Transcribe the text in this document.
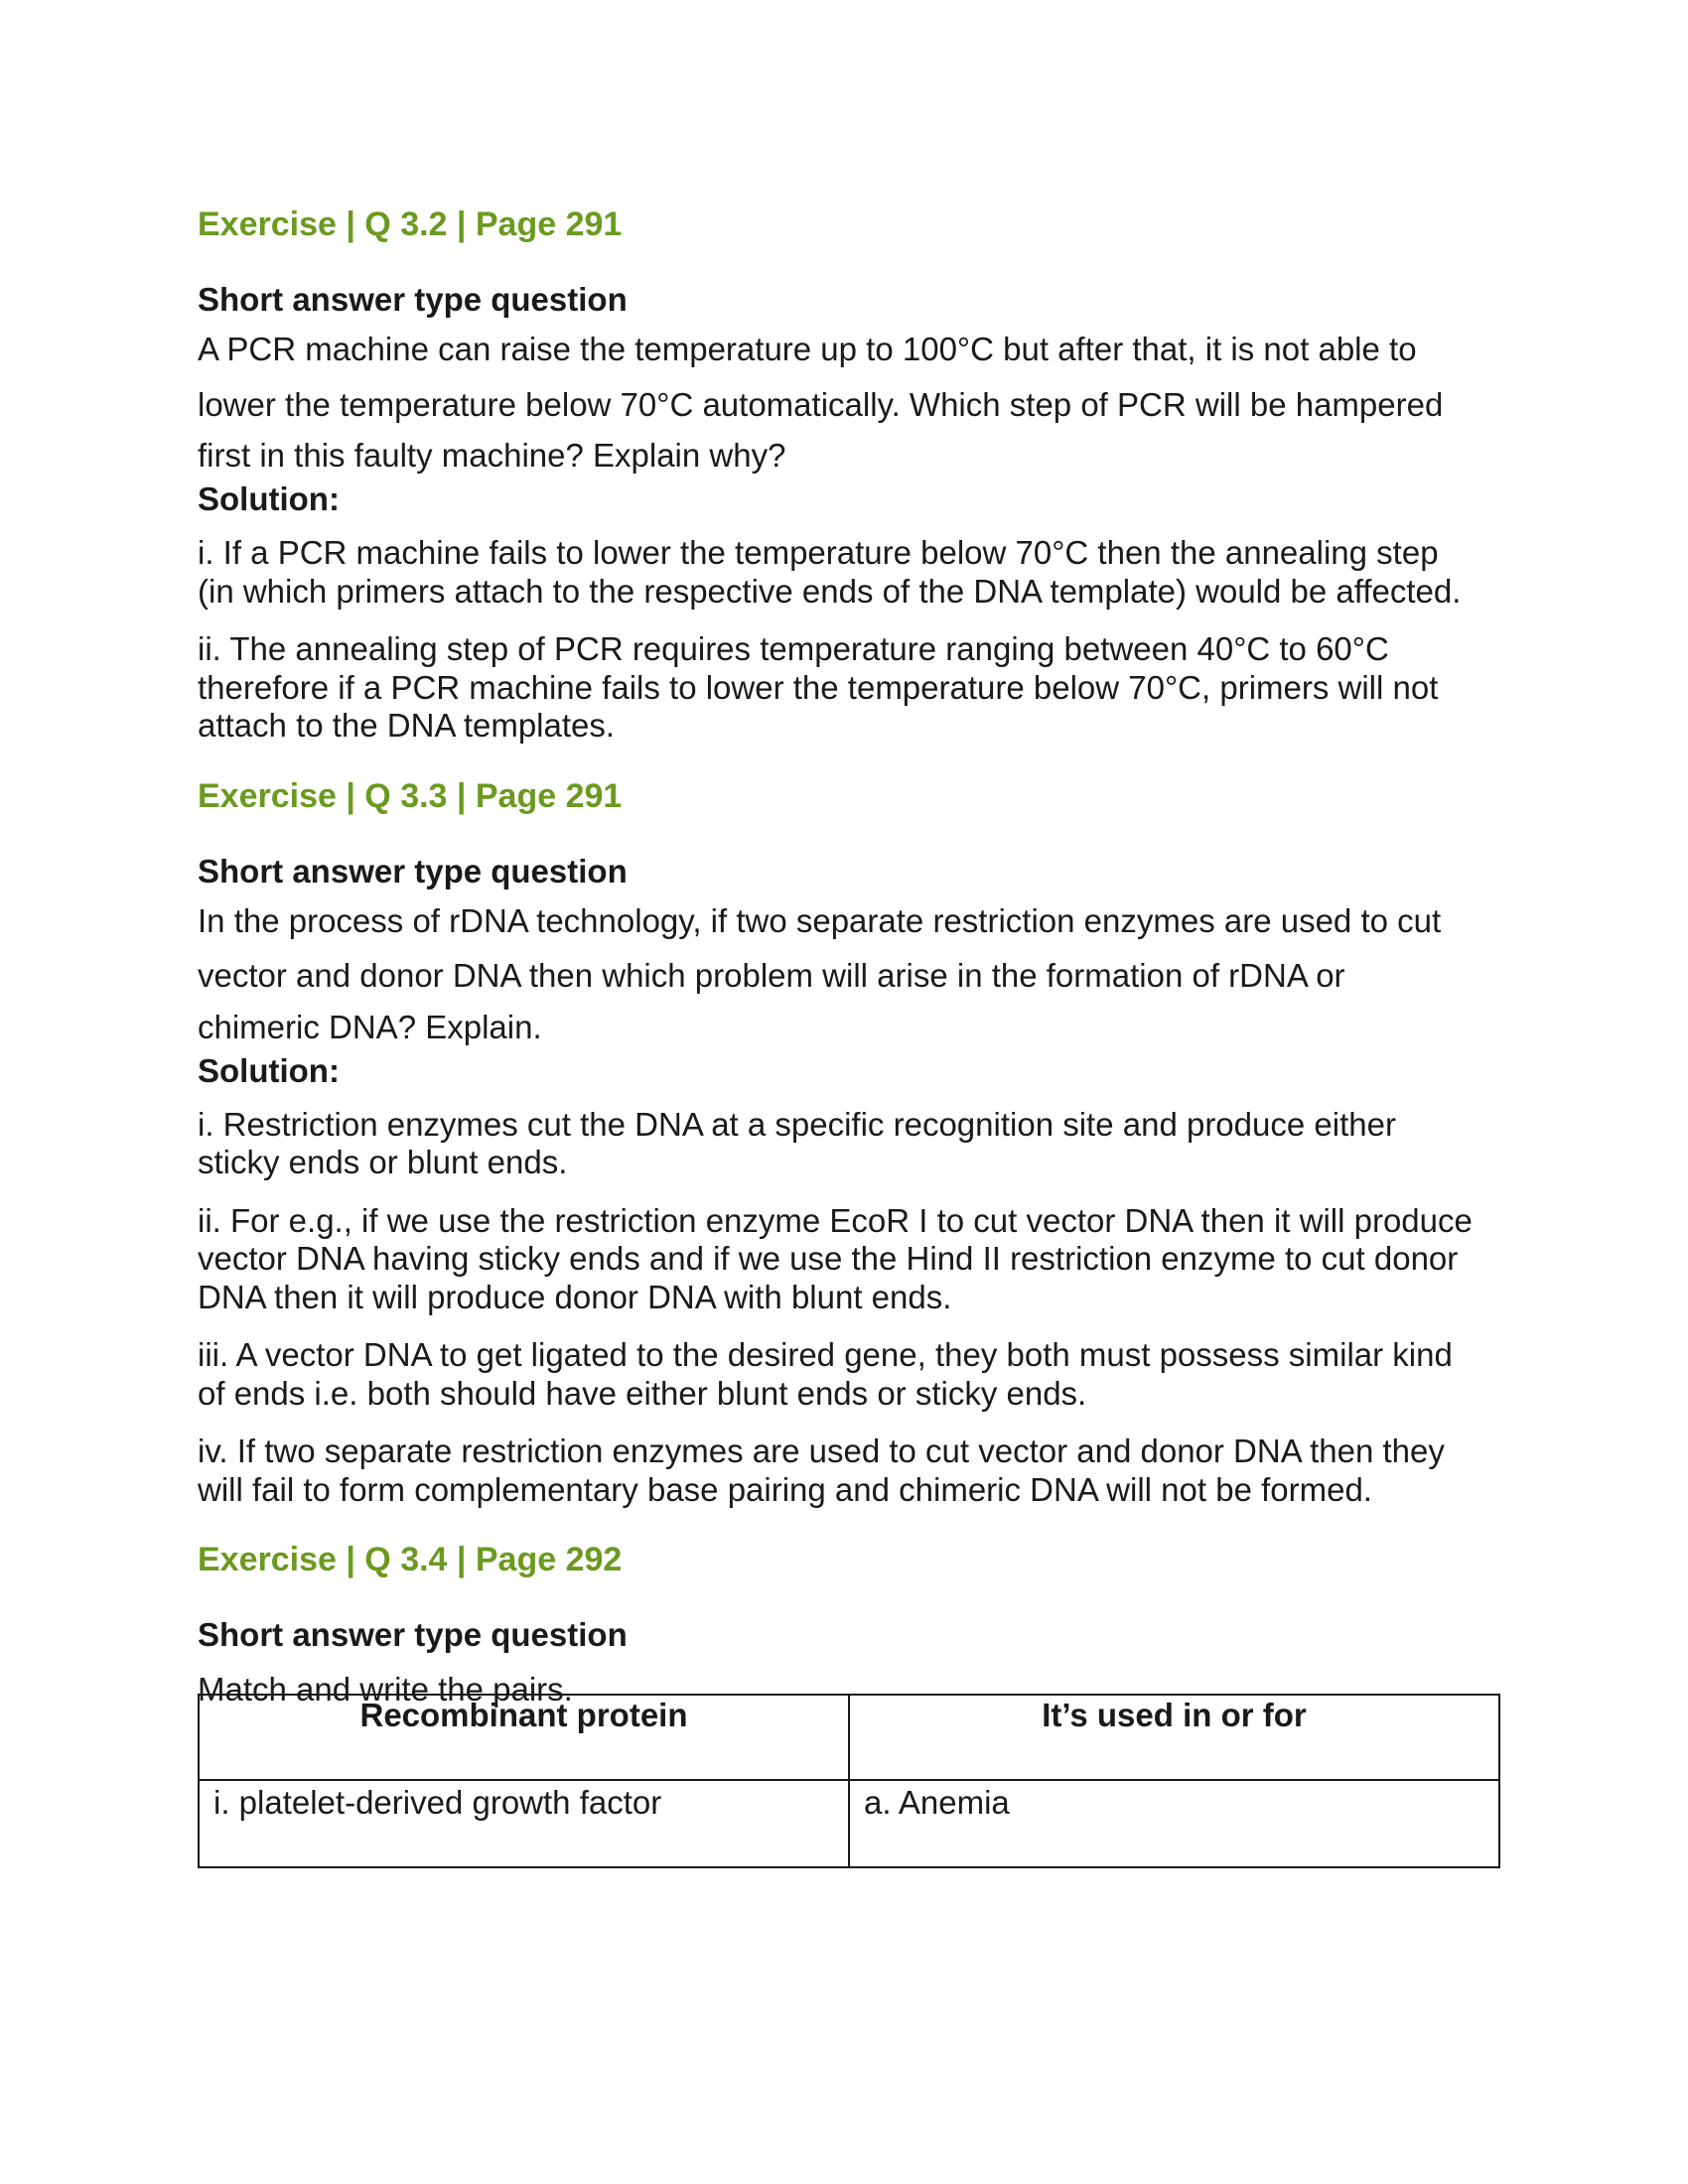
Exercise | Q 3.2 | Page 291
Short answer type question

A PCR machine can raise the temperature up to 100°C but after that, it is not able to

lower the temperature below 70°C automatically. Which step of PCR will be hampered

first in this faulty machine? Explain why?

Solution:

i. If a PCR machine fails to lower the temperature below 70°C then the annealing step

(in which primers attach to the respective ends of the DNA template) would be affected.

ii. The annealing step of PCR requires temperature ranging between 40°C to 60°C

therefore if a PCR machine fails to lower the temperature below 70°C, primers will not

attach to the DNA templates.

Exercise | Q 3.3 | Page 291
Short answer type question

In the process of rDNA technology, if two separate restriction enzymes are used to cut

vector and donor DNA then which problem will arise in the formation of rDNA or

chimeric DNA? Explain.

Solution:

i. Restriction enzymes cut the DNA at a specific recognition site and produce either

sticky ends or blunt ends.

ii. For e.g., if we use the restriction enzyme EcoR I to cut vector DNA then it will produce

vector DNA having sticky ends and if we use the Hind II restriction enzyme to cut donor

DNA then it will produce donor DNA with blunt ends.

iii. A vector DNA to get ligated to the desired gene, they both must possess similar kind

of ends i.e. both should have either blunt ends or sticky ends.

iv. If two separate restriction enzymes are used to cut vector and donor DNA then they

will fail to form complementary base pairing and chimeric DNA will not be formed.

Exercise | Q 3.4 | Page 292
Short answer type question

Match and write the pairs.

Recombinant protein	It’s used in or for
i. platelet-derived growth factor	a. Anemia
